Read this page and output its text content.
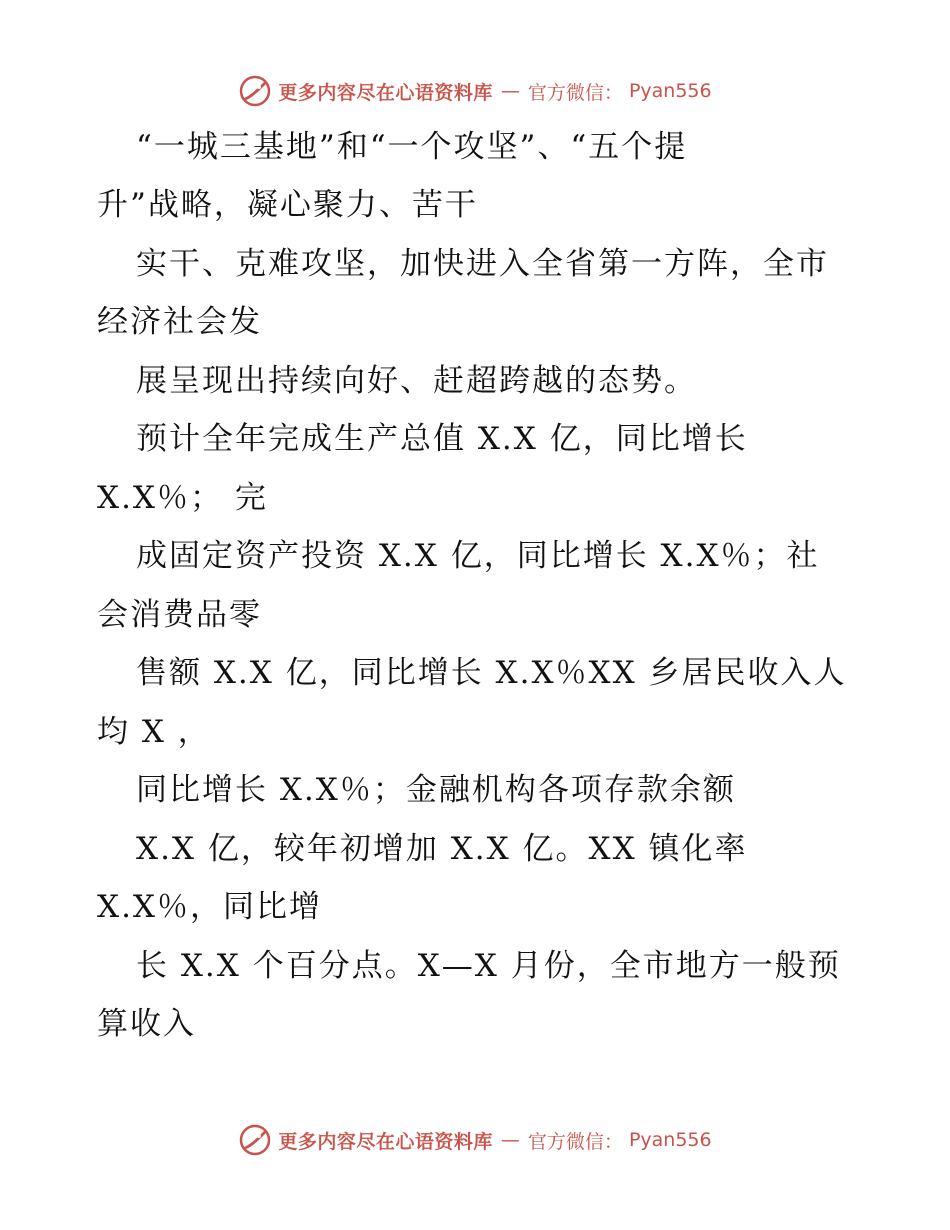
更多内容尽在心语资料库 — 官方微信： Pyan556
“一城三基地”和“一个攻坚”、“五个提
升”战略，凝心聚力、苦干
实干、克难攻坚，加快进入全省第一方阵，全市
经济社会发
展呈现出持续向好、赶超跨越的态势。
预计全年完成生产总值 X.X 亿，同比增长
X.X％； 完
成固定资产投资 X.X 亿，同比增长 X.X％；社
会消费品零
售额 X.X 亿，同比增长 X.X％XX 乡居民收入人
均 X ，
同比增长 X.X％；金融机构各项存款余额
X.X 亿，较年初增加 X.X 亿。XX 镇化率
X.X％，同比增
长 X.X 个百分点。X—X 月份，全市地方一般预
算收入
更多内容尽在心语资料库 — 官方微信： Pyan556
